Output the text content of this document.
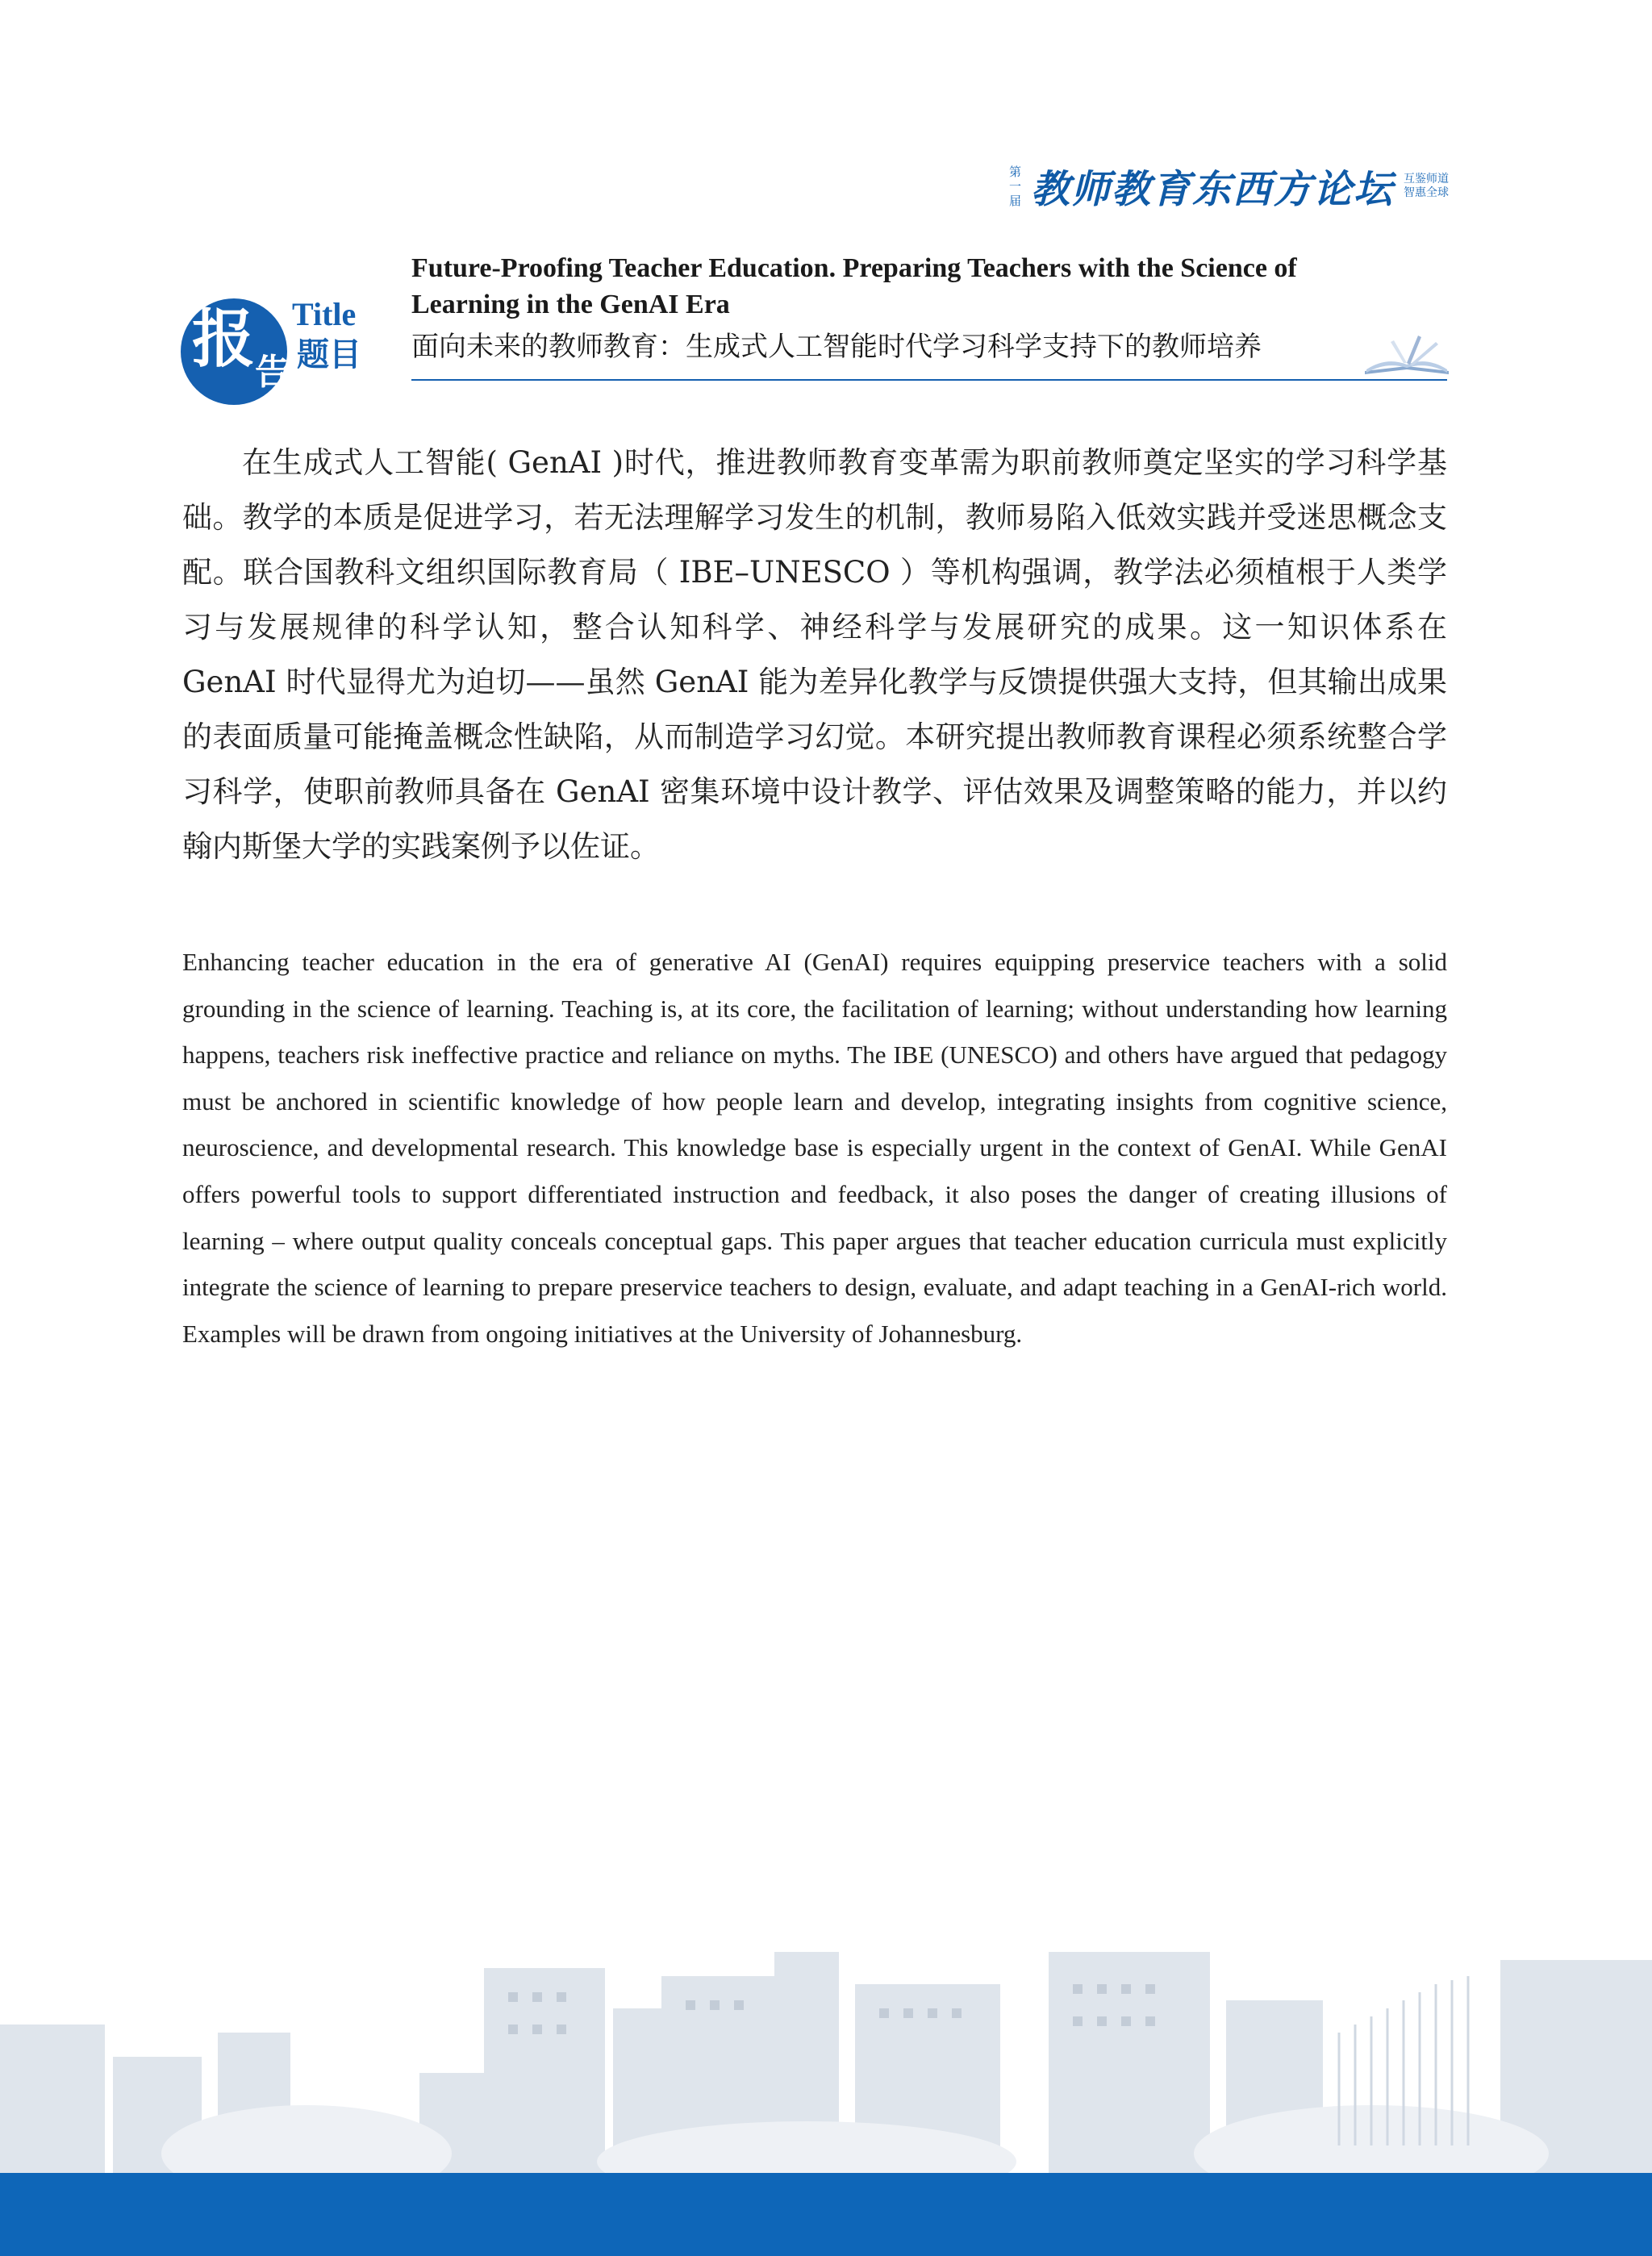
第
一
届 教师教育东西方论坛 互鉴师道
智惠全球
报 告
Title
题目
Future-Proofing Teacher Education. Preparing Teachers with the Science of Learning in the GenAI Era
面向未来的教师教育：生成式人工智能时代学习科学支持下的教师培养

在生成式人工智能( GenAI )时代，推进教师教育变革需为职前教师奠定坚实的学习科学基础。教学的本质是促进学习，若无法理解学习发生的机制，教师易陷入低效实践并受迷思概念支配。联合国教科文组织国际教育局（ IBE–UNESCO ）等机构强调，教学法必须植根于人类学习与发展规律的科学认知，整合认知科学、神经科学与发展研究的成果。这一知识体系在 GenAI 时代显得尤为迫切——虽然 GenAI 能为差异化教学与反馈提供强大支持，但其输出成果的表面质量可能掩盖概念性缺陷，从而制造学习幻觉。本研究提出教师教育课程必须系统整合学习科学，使职前教师具备在 GenAI 密集环境中设计教学、评估效果及调整策略的能力，并以约翰内斯堡大学的实践案例予以佐证。

Enhancing teacher education in the era of generative AI (GenAI) requires equipping preservice teachers with a solid grounding in the science of learning. Teaching is, at its core, the facilitation of learning; without understanding how learning happens, teachers risk ineffective practice and reliance on myths. The IBE (UNESCO) and others have argued that pedagogy must be anchored in scientific knowledge of how people learn and develop, integrating insights from cognitive science, neuroscience, and developmental research. This knowledge base is especially urgent in the context of GenAI. While GenAI offers powerful tools to support differentiated instruction and feedback, it also poses the danger of creating illusions of learning – where output quality conceals conceptual gaps. This paper argues that teacher education curricula must explicitly integrate the science of learning to prepare preservice teachers to design, evaluate, and adapt teaching in a GenAI-rich world. Examples will be drawn from ongoing initiatives at the University of Johannesburg.
